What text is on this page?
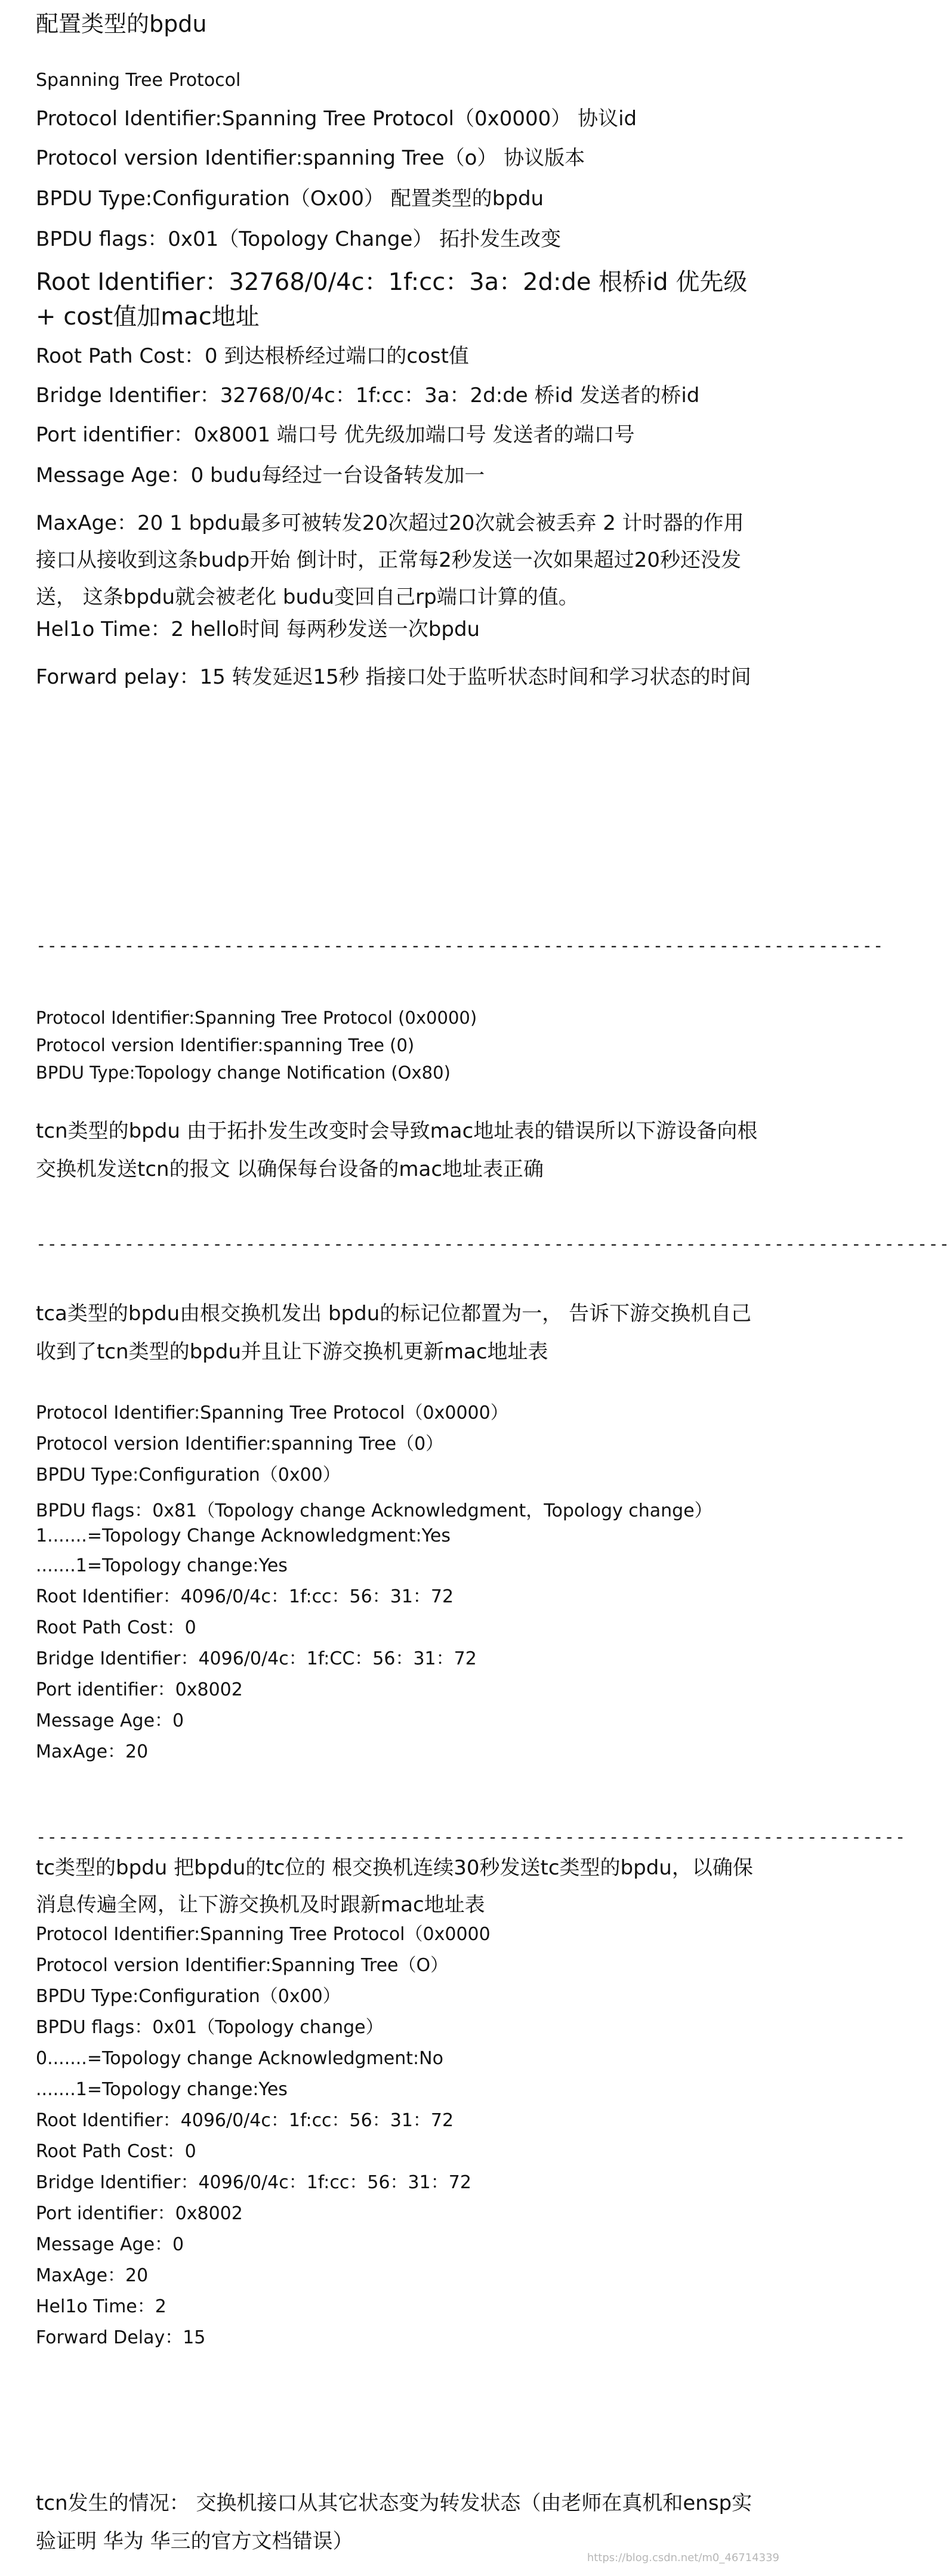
配置类型的bpdu
Spanning Tree Protocol
Protocol Identifier:Spanning Tree Protocol（0x0000） 协议id
Protocol version Identifier:spanning Tree（o） 协议版本
BPDU Type:Configuration（Ox00） 配置类型的bpdu
BPDU flags：0x01（Topology Change） 拓扑发生改变
Root Identifier：32768/0/4c：1f:cc：3a：2d:de 根桥id 优先级
+ cost值加mac地址
Root Path Cost：0 到达根桥经过端口的cost值
Bridge Identifier：32768/0/4c：1f:cc：3a：2d:de 桥id 发送者的桥id
Port identifier：0x8001 端口号 优先级加端口号 发送者的端口号
Message Age：0 budu每经过一台设备转发加一
MaxAge：20 1 bpdu最多可被转发20次超过20次就会被丢弃 2 计时器的作用 接口从接收到这条budp开始 倒计时，正常每2秒发送一次如果超过20秒还没发送， 这条bpdu就会被老化 budu变回自己rp端口计算的值。
Hel1o Time：2 hello时间 每两秒发送一次bpdu
Forward pelay：15 转发延迟15秒 指接口处于监听状态时间和学习状态的时间
-----------------------------------------------------------------------------
Protocol Identifier:Spanning Tree Protocol (0x0000)
Protocol version Identifier:spanning Tree (0)
BPDU Type:Topology change Notification (Ox80)
tcn类型的bpdu 由于拓扑发生改变时会导致mac地址表的错误所以下游设备向根交换机发送tcn的报文 以确保每台设备的mac地址表正确
-----------------------------------------------------------------------------------
tca类型的bpdu由根交换机发出 bpdu的标记位都置为一， 告诉下游交换机自己收到了tcn类型的bpdu并且让下游交换机更新mac地址表
Protocol Identifier:Spanning Tree Protocol（0x0000）
Protocol version Identifier:spanning Tree（0）
BPDU Type:Configuration（0x00）
BPDU flags：0x81（Topology change Acknowledgment，Topology change）
1.......=Topology Change Acknowledgment:Yes
.......1=Topology change:Yes
Root Identifier：4096/0/4c：1f:cc：56：31：72
Root Path Cost：0
Bridge Identifier：4096/0/4c：1f:CC：56：31：72
Port identifier：0x8002
Message Age：0
MaxAge：20
-------------------------------------------------------------------------------
tc类型的bpdu 把bpdu的tc位的 根交换机连续30秒发送tc类型的bpdu，以确保消息传遍全网，让下游交换机及时跟新mac地址表
Protocol Identifier:Spanning Tree Protocol（0x0000
Protocol version Identifier:Spanning Tree（O）
BPDU Type:Configuration（0x00）
BPDU flags：0x01（Topology change）
0.......=Topology change Acknowledgment:No
.......1=Topology change:Yes
Root Identifier：4096/0/4c：1f:cc：56：31：72
Root Path Cost：0
Bridge Identifier：4096/0/4c：1f:cc：56：31：72
Port identifier：0x8002
Message Age：0
MaxAge：20
Hel1o Time：2
Forward Delay：15
tcn发生的情况： 交换机接口从其它状态变为转发状态（由老师在真机和ensp实验证明 华为 华三的官方文档错误）
https://blog.csdn.net/m0_46714339
